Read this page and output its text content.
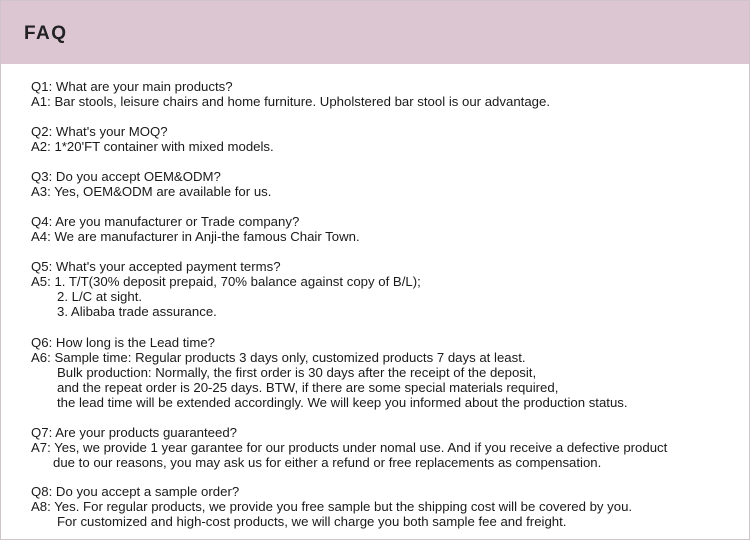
FAQ
Q1: What are your main products?
A1: Bar stools, leisure chairs and home furniture. Upholstered bar stool is our advantage.
Q2: What's your MOQ?
A2: 1*20'FT container with mixed models.
Q3: Do you accept OEM&ODM?
A3: Yes, OEM&ODM are available for us.
Q4: Are you manufacturer or Trade company?
A4: We are manufacturer in Anji-the famous Chair Town.
Q5: What's your accepted payment terms?
A5: 1. T/T(30% deposit prepaid, 70% balance against copy of B/L);
2. L/C at sight.
3. Alibaba trade assurance.
Q6: How long is the Lead time?
A6: Sample time: Regular products 3 days only, customized products 7 days at least.
Bulk production: Normally, the first order is 30 days after the receipt of the deposit,
and the repeat order is 20-25 days. BTW, if there are some special materials required,
the lead time will be extended accordingly. We will keep you informed about the production status.
Q7: Are your products guaranteed?
A7: Yes, we provide 1 year garantee for our products under nomal use. And if you receive a defective product
due to our reasons, you may ask us for either a refund or free replacements as compensation.
Q8: Do you accept a sample order?
A8: Yes. For regular products, we provide you free sample but the shipping cost will be covered by you.
For customized and high-cost products, we will charge you both sample fee and freight.
